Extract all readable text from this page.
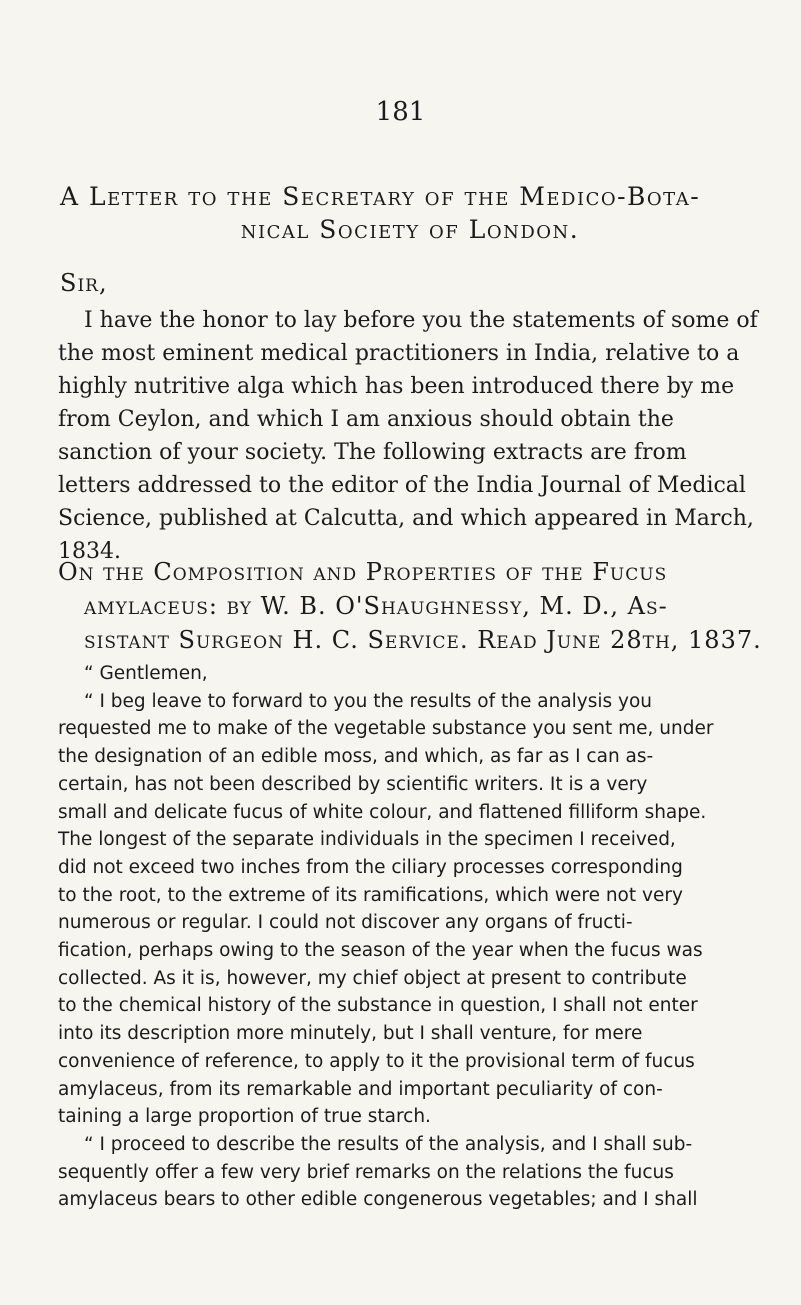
181
A Letter to the Secretary of the Medico-Bota-
nical Society of London.
Sir,
I have the honor to lay before you the statements of some of
the most eminent medical practitioners in India, relative to a
highly nutritive alga which has been introduced there by me
from Ceylon, and which I am anxious should obtain the
sanction of your society. The following extracts are from
letters addressed to the editor of the India Journal of Medical
Science, published at Calcutta, and which appeared in March,
1834.
On the Composition and Properties of the Fucus
amylaceus: by W. B. O'Shaughnessy, M. D., As-
sistant Surgeon H. C. Service. Read June 28th, 1837.
“ Gentlemen,
“ I beg leave to forward to you the results of the analysis you
requested me to make of the vegetable substance you sent me, under
the designation of an edible moss, and which, as far as I can as-
certain, has not been described by scientific writers. It is a very
small and delicate fucus of white colour, and flattened filliform shape.
The longest of the separate individuals in the specimen I received,
did not exceed two inches from the ciliary processes corresponding
to the root, to the extreme of its ramifications, which were not very
numerous or regular. I could not discover any organs of fructi-
fication, perhaps owing to the season of the year when the fucus was
collected. As it is, however, my chief object at present to contribute
to the chemical history of the substance in question, I shall not enter
into its description more minutely, but I shall venture, for mere
convenience of reference, to apply to it the provisional term of fucus
amylaceus, from its remarkable and important peculiarity of con-
taining a large proportion of true starch.
“ I proceed to describe the results of the analysis, and I shall sub-
sequently offer a few very brief remarks on the relations the fucus
amylaceus bears to other edible congenerous vegetables; and I shall
